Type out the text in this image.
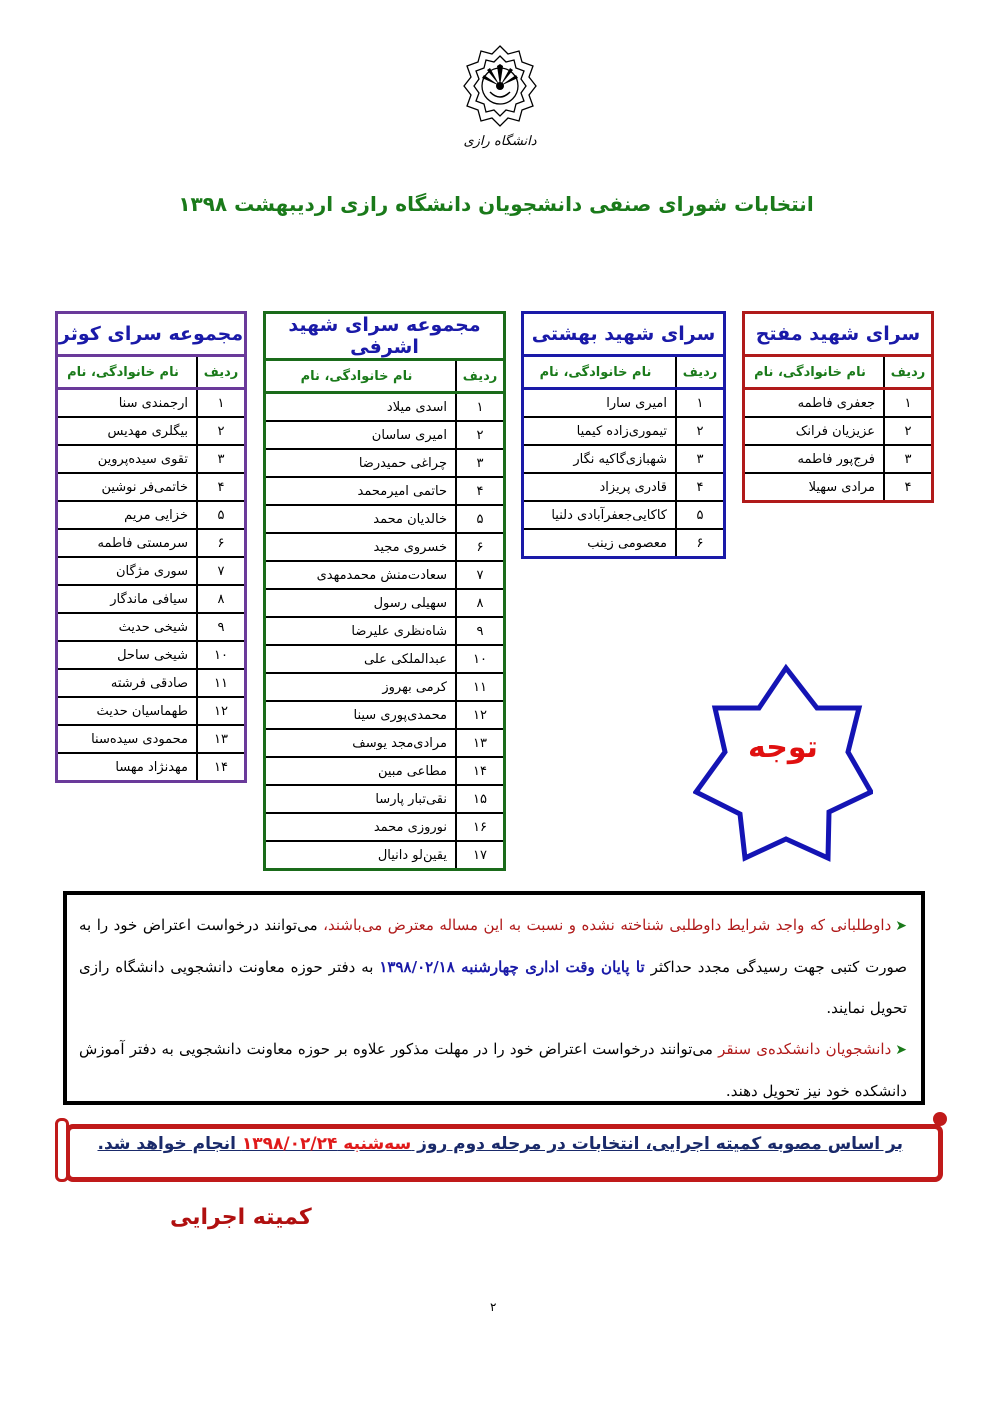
دانشگاه رازی
انتخابات شورای صنفی دانشجویان دانشگاه رازی اردیبهشت ۱۳۹۸
سرای شهید مفتح	
ردیف	نام خانوادگی، نام
۱	جعفری فاطمه
۲	عزیزیان فرانک
۳	فرج‌پور فاطمه
۴	مرادی سهیلا
سرای شهید بهشتی	
ردیف	نام خانوادگی، نام
۱	امیری سارا
۲	تیموری‌زاده کیمیا
۳	شهبازی‌گاکیه نگار
۴	قادری پریزاد
۵	کاکایی‌جعفرآبادی دلنیا
۶	معصومی زینب
مجموعه سرای شهید اشرفی	
ردیف	نام خانوادگی، نام
۱	اسدی میلاد
۲	امیری ساسان
۳	چراغی حمیدرضا
۴	حاتمی امیرمحمد
۵	خالدیان محمد
۶	خسروی مجید
۷	سعادت‌منش محمدمهدی
۸	سهیلی رسول
۹	شاه‌نظری علیرضا
۱۰	عبدالملکی علی
۱۱	کرمی بهروز
۱۲	محمدی‌پوری سینا
۱۳	مرادی‌مجد یوسف
۱۴	مطاعی مبین
۱۵	نقی‌تبار پارسا
۱۶	نوروزی محمد
۱۷	یقین‌لو دانیال
مجموعه سرای کوثر	
ردیف	نام خانوادگی، نام
۱	ارجمندی سنا
۲	بیگلری مهدیس
۳	تقوی سیده‌پروین
۴	خاتمی‌فر نوشین
۵	خزایی مریم
۶	سرمستی فاطمه
۷	سوری مژگان
۸	سیافی ماندگار
۹	شیخی حدیث
۱۰	شیخی ساحل
۱۱	صادقی فرشته
۱۲	طهماسیان حدیث
۱۳	محمودی سیده‌سنا
۱۴	مهدنژاد مهسا
توجه
➤داوطلبانی که واجد شرایط داوطلبی شناخته نشده و نسبت به این مساله معترض می‌باشند، می‌توانند درخواست اعتراض خود را به صورت کتبی جهت رسیدگی مجدد حداکثر تا پایان وقت اداری چهارشنبه ۱۳۹۸/۰۲/۱۸ به دفتر حوزه معاونت دانشجویی دانشگاه رازی تحویل نمایند.
➤دانشجویان دانشکده‌ی سنقر می‌توانند درخواست اعتراض خود را در مهلت مذکور علاوه بر حوزه معاونت دانشجویی به دفتر آموزش دانشکده خود نیز تحویل دهند.
بر اساس مصوبه کمیته اجرایی، انتخابات در مرحله دوم روز سه‌شنبه ۱۳۹۸/۰۲/۲۴ انجام خواهد شد.
کمیته اجرایی
۲
